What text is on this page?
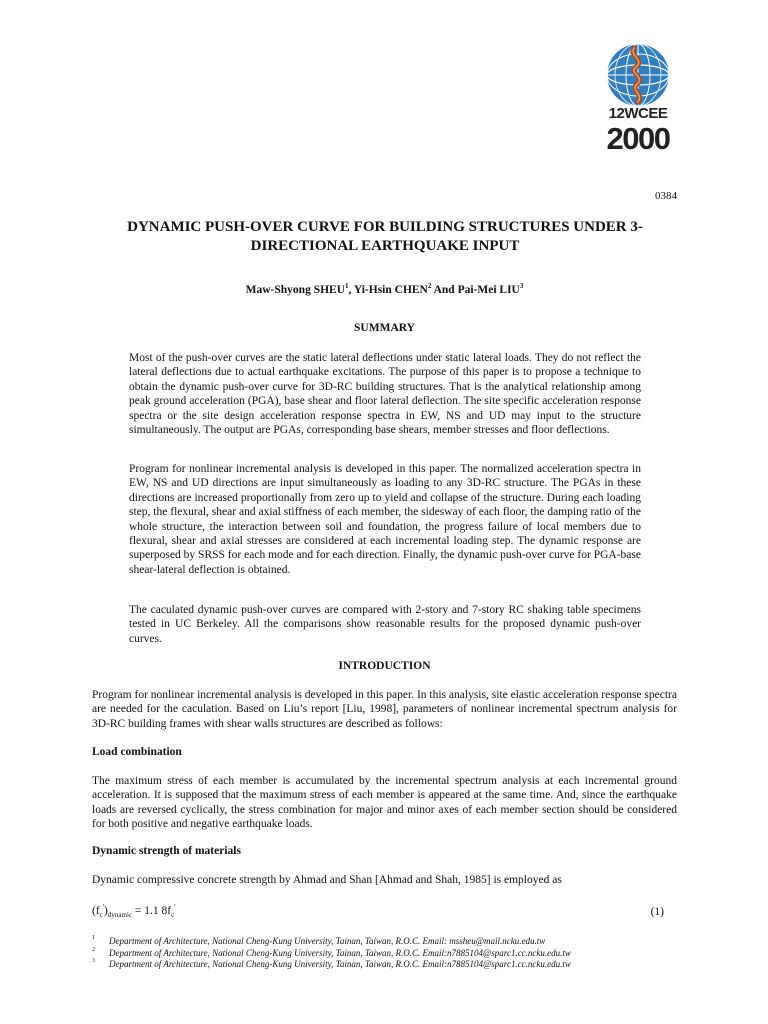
12WCEE
2000
0384
DYNAMIC PUSH-OVER CURVE FOR BUILDING STRUCTURES UNDER 3-DIRECTIONAL EARTHQUAKE INPUT
Maw-Shyong SHEU$^1$, Yi-Hsin CHEN$^2$ And Pai-Mei LIU$^3$
SUMMARY

Most of the push-over curves are the static lateral deflections under static lateral loads. They do not reflect the lateral deflections due to actual earthquake excitations. The purpose of this paper is to propose a technique to obtain the dynamic push-over curve for 3D-RC building structures. That is the analytical relationship among peak ground acceleration (PGA), base shear and floor lateral deflection. The site specific acceleration response spectra or the site design acceleration response spectra in EW, NS and UD may input to the structure simultaneously. The output are PGAs, corresponding base shears, member stresses and floor deflections.

Program for nonlinear incremental analysis is developed in this paper. The normalized acceleration spectra in EW, NS and UD directions are input simultaneously as loading to any 3D-RC structure. The PGAs in these directions are increased proportionally from zero up to yield and collapse of the structure. During each loading step, the flexural, shear and axial stiffness of each member, the sidesway of each floor, the damping ratio of the whole structure, the interaction between soil and foundation, the progress failure of local members due to flexural, shear and axial stresses are considered at each incremental loading step. The dynamic response are superposed by SRSS for each mode and for each direction. Finally, the dynamic push-over curve for PGA-base shear-lateral deflection is obtained.

The caculated dynamic push-over curves are compared with 2-story and 7-story RC shaking table specimens tested in UC Berkeley. All the comparisons show reasonable results for the proposed dynamic push-over curves.

INTRODUCTION

Program for nonlinear incremental analysis is developed in this paper. In this analysis, site elastic acceleration response spectra are needed for the caculation. Based on Liu’s report [Liu, 1998], parameters of nonlinear incremental spectrum analysis for 3D-RC building frames with shear walls structures are described as follows:

Load combination

The maximum stress of each member is accumulated by the incremental spectrum analysis at each incremental ground acceleration. It is supposed that the maximum stress of each member is appeared at the same time. And, since the earthquake loads are reversed cyclically, the stress combination for major and minor axes of each member section should be considered for both positive and negative earthquake loads.

Dynamic strength of materials

Dynamic compressive concrete strength by Ahmad and Shan [Ahmad and Shah, 1985] is employed as

$(f_c')_{dynamic} = 1.1$ $8f_c'$	(1)
1 Department of Architecture, National Cheng-Kung University, Tainan, Taiwan, R.O.C. Email: mssheu@mail.ncku.edu.tw
2 Department of Architecture, National Cheng-Kung University, Tainan, Taiwan, R.O.C. Email:n7885104@sparc1.cc.ncku.edu.tw
3 Department of Architecture, National Cheng-Kung University, Tainan, Taiwan, R.O.C. Email:n7885104@sparc1.cc.ncku.edu.tw
